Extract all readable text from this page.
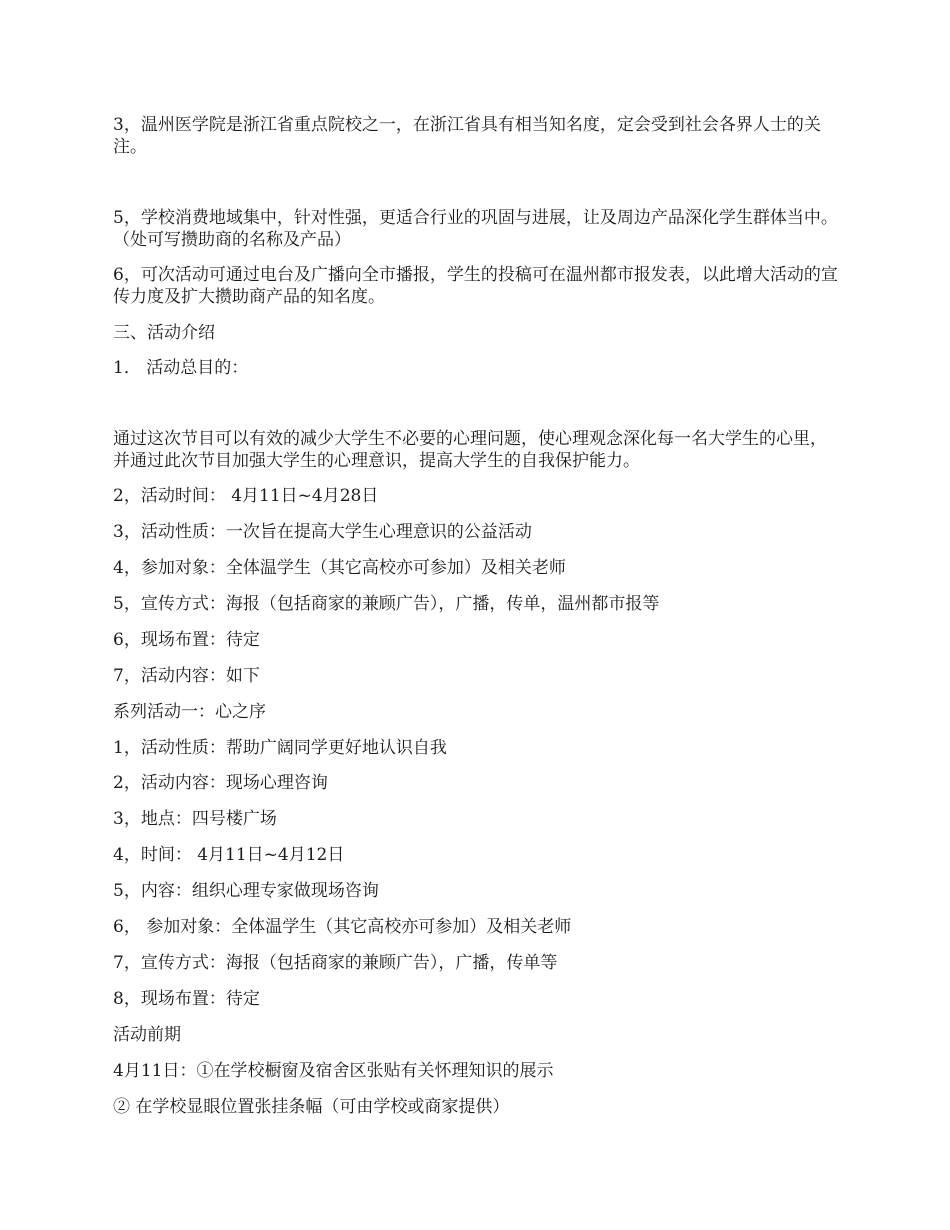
3，温州医学院是浙江省重点院校之一，在浙江省具有相当知名度，定会受到社会各界人士的关注。

5，学校消费地域集中，针对性强，更适合行业的巩固与进展，让及周边产品深化学生群体当中。（处可写攒助商的名称及产品）

6，可次活动可通过电台及广播向全市播报，学生的投稿可在温州都市报发表，以此增大活动的宣传力度及扩大攒助商产品的知名度。

三、活动介绍

1． 活动总目的：

通过这次节目可以有效的减少大学生不必要的心理问题，使心理观念深化每一名大学生的心里，并通过此次节目加强大学生的心理意识，提高大学生的自我保护能力。

2，活动时间： 4月11日~4月28日

3，活动性质：一次旨在提高大学生心理意识的公益活动

4，参加对象：全体温学生（其它高校亦可参加）及相关老师

5，宣传方式：海报（包括商家的兼顾广告），广播，传单，温州都市报等

6，现场布置：待定

7，活动内容：如下

系列活动一：心之序

1，活动性质：帮助广阔同学更好地认识自我

2，活动内容：现场心理咨询

3，地点：四号楼广场

4，时间： 4月11日~4月12日

5，内容：组织心理专家做现场咨询

6， 参加对象：全体温学生（其它高校亦可参加）及相关老师

7，宣传方式：海报（包括商家的兼顾广告），广播，传单等

8，现场布置：待定

活动前期

4月11日：①在学校橱窗及宿舍区张贴有关怀理知识的展示

② 在学校显眼位置张挂条幅（可由学校或商家提供）
